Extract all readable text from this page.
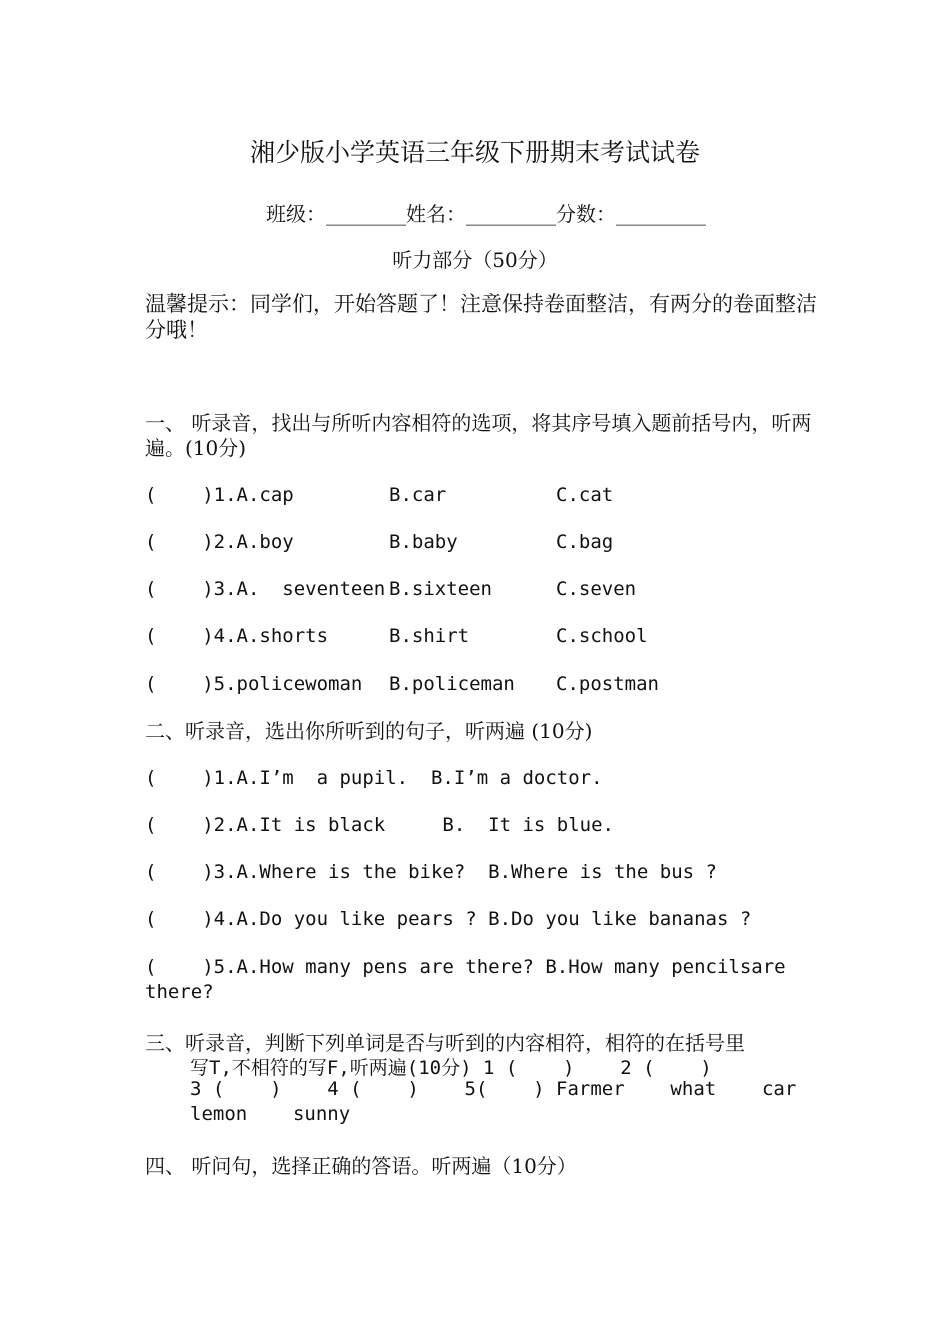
湘少版小学英语三年级下册期末考试试卷
班级：________姓名：_________分数：_________
听力部分（50分）
温馨提示：同学们，开始答题了！注意保持卷面整洁，有两分的卷面整洁分哦！
一、 听录音，找出与所听内容相符的选项，将其序号填入题前括号内，听两遍。(10分)
(    )1.A.cap	B.car	C.cat
(    )2.A.boy	B.baby	C.bag
(    )3.A.  seventeen B.sixteen	C.seven
(    )4.A.shorts	B.shirt	C.school
(    )5.policewoman B.policeman C.postman
二、听录音，选出你所听到的句子，听两遍 (10分)
(    )1.A.I’m  a pupil.  B.I’m a doctor.
(    )2.A.It is black     B.  It is blue.
(    )3.A.Where is the bike?  B.Where is the bus ?
(    )4.A.Do you like pears ? B.Do you like bananas ?
(    )5.A.How many pens are there? B.How many pencilsare
there?
三、听录音，判断下列单词是否与听到的内容相符，相符的在括号里
写T,不相符的写F,听两遍(10分) 1 (    )    2 (    )
3 (    )    4 (    )    5(    ) Farmer    what    car
lemon    sunny
四、 听问句，选择正确的答语。听两遍（10分）
